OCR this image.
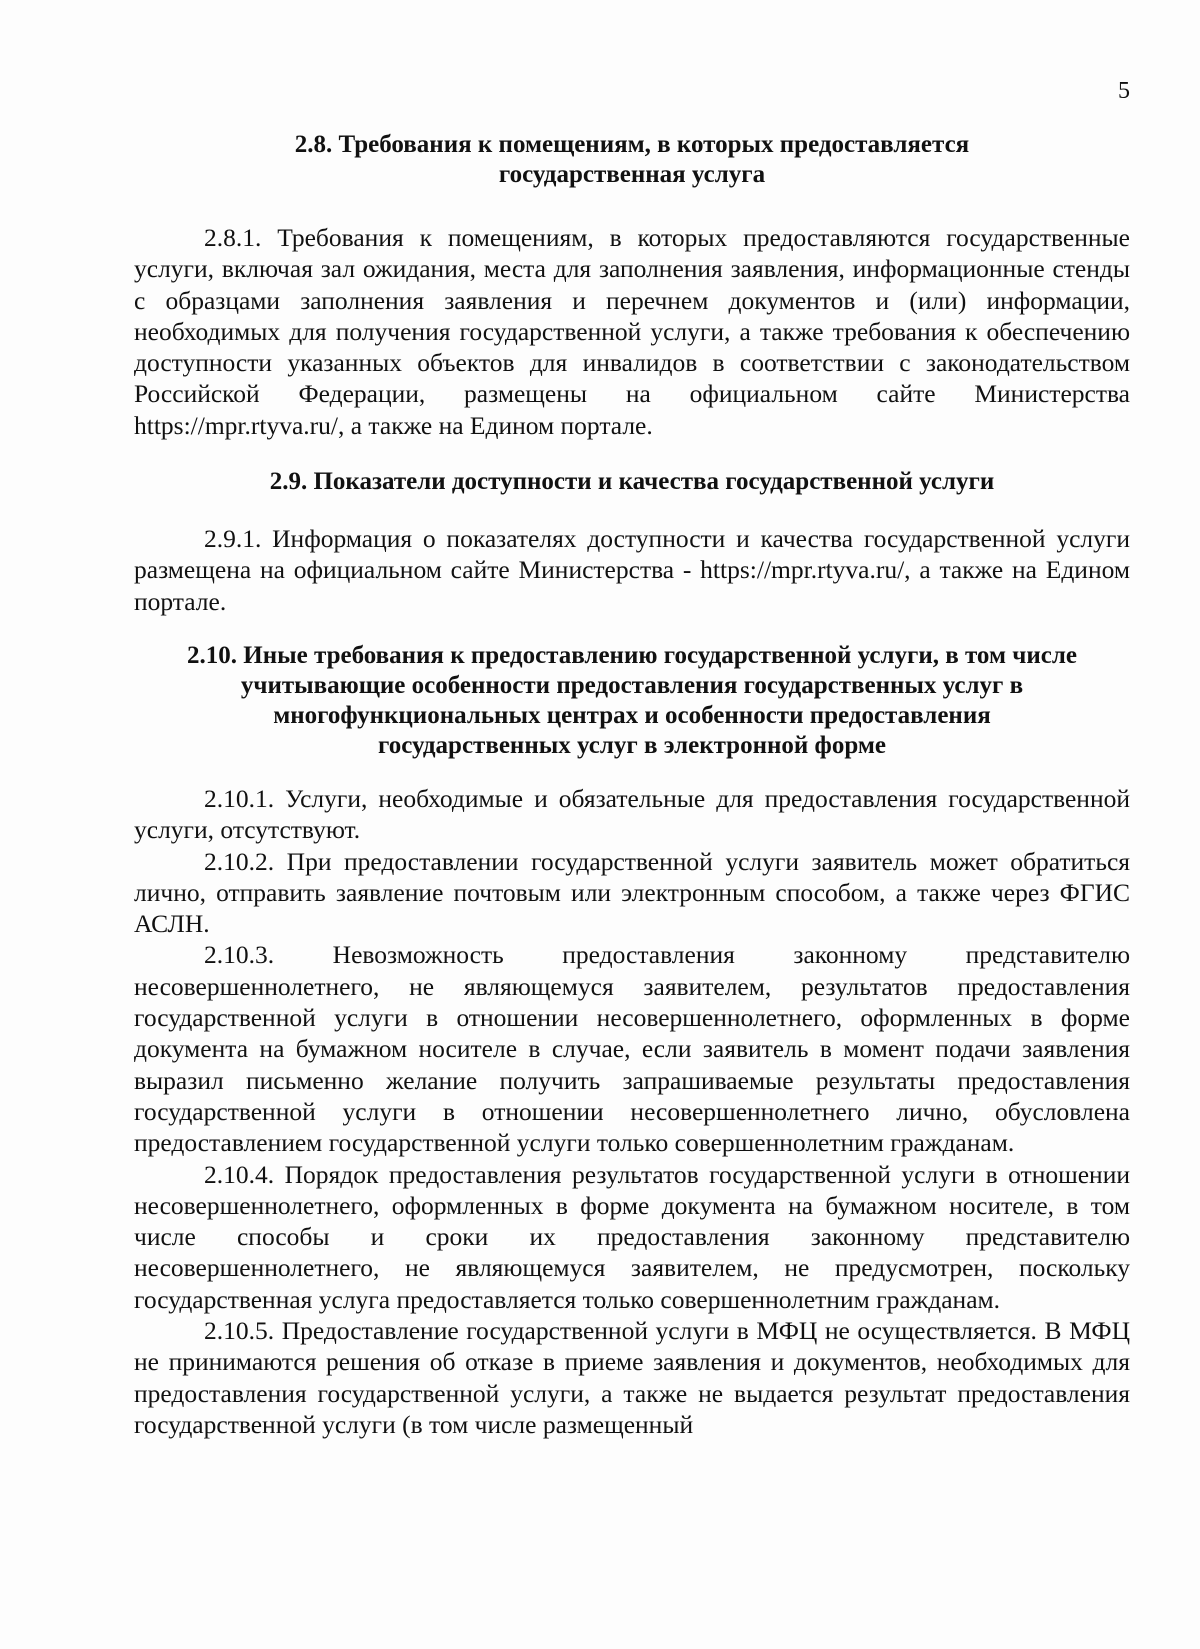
5
2.8. Требования к помещениям, в которых предоставляется
государственная услуга

2.8.1. Требования к помещениям, в которых предоставляются государственные услуги, включая зал ожидания, места для заполнения заявления, информационные стенды с образцами заполнения заявления и перечнем документов и (или) информации, необходимых для получения государственной услуги, а также требования к обеспечению доступности указанных объектов для инвалидов в соответствии с законодательством Российской Федерации, размещены на официальном сайте Министерства https://mpr.rtyva.ru/, а также на Едином портале.

2.9. Показатели доступности и качества государственной услуги

2.9.1. Информация о показателях доступности и качества государственной услуги размещена на официальном сайте Министерства - https://mpr.rtyva.ru/, а также на Едином портале.

2.10. Иные требования к предоставлению государственной услуги, в том числе
учитывающие особенности предоставления государственных услуг в
многофункциональных центрах и особенности предоставления
государственных услуг в электронной форме

2.10.1. Услуги, необходимые и обязательные для предоставления государственной услуги, отсутствуют.

2.10.2. При предоставлении государственной услуги заявитель может обратиться лично, отправить заявление почтовым или электронным способом, а также через ФГИС АСЛН.

2.10.3. Невозможность предоставления законному представителю несовершеннолетнего, не являющемуся заявителем, результатов предоставления государственной услуги в отношении несовершеннолетнего, оформленных в форме документа на бумажном носителе в случае, если заявитель в момент подачи заявления выразил письменно желание получить запрашиваемые результаты предоставления государственной услуги в отношении несовершеннолетнего лично, обусловлена предоставлением государственной услуги только совершеннолетним гражданам.

2.10.4. Порядок предоставления результатов государственной услуги в отношении несовершеннолетнего, оформленных в форме документа на бумажном носителе, в том числе способы и сроки их предоставления законному представителю несовершеннолетнего, не являющемуся заявителем, не предусмотрен, поскольку государственная услуга предоставляется только совершеннолетним гражданам.

2.10.5. Предоставление государственной услуги в МФЦ не осуществляется. В МФЦ не принимаются решения об отказе в приеме заявления и документов, необходимых для предоставления государственной услуги, а также не выдается результат предоставления государственной услуги (в том числе размещенный
